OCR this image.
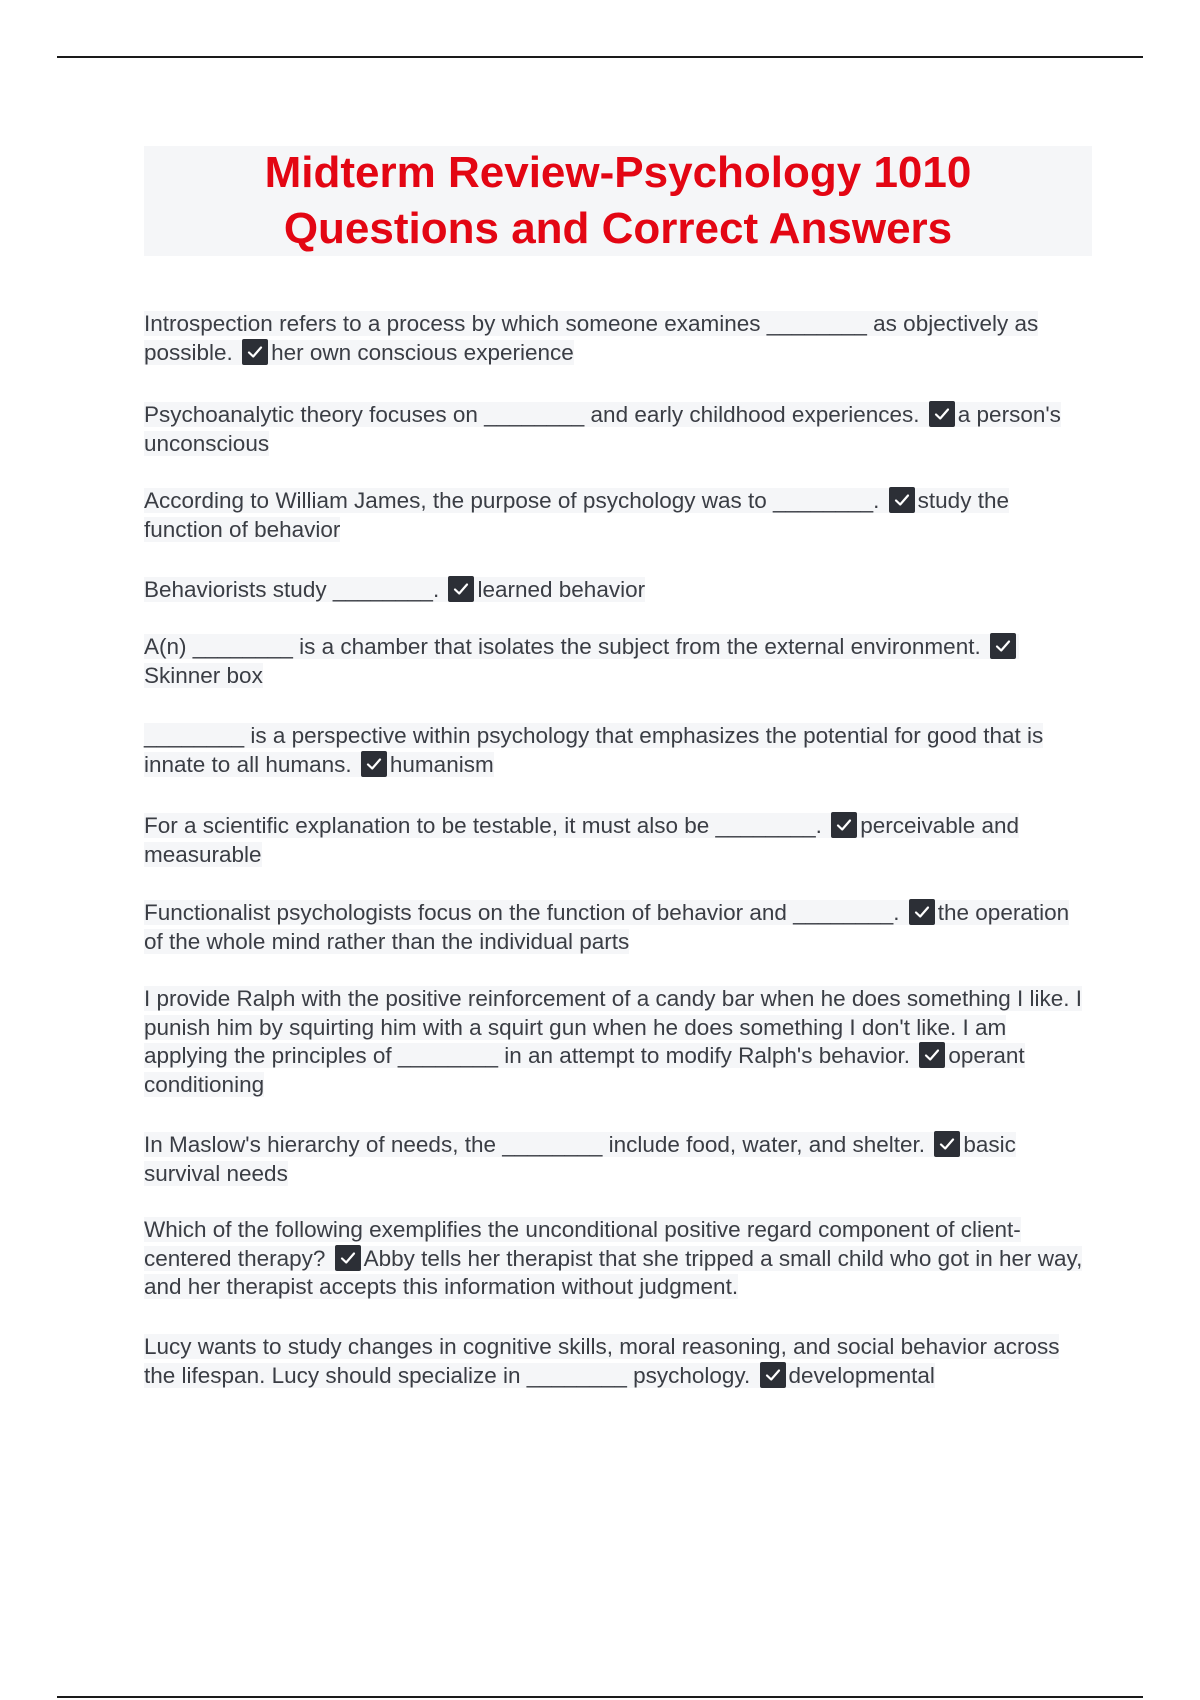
Midterm Review-Psychology 1010
Questions and Correct Answers

Introspection refers to a process by which someone examines ________ as objectively as possible. her own conscious experience

Psychoanalytic theory focuses on ________ and early childhood experiences. a person's unconscious

According to William James, the purpose of psychology was to ________. study the function of behavior

Behaviorists study ________. learned behavior

A(n) ________ is a chamber that isolates the subject from the external environment.
Skinner box

________ is a perspective within psychology that emphasizes the potential for good that is innate to all humans. humanism

For a scientific explanation to be testable, it must also be ________. perceivable and measurable

Functionalist psychologists focus on the function of behavior and ________. the operation of the whole mind rather than the individual parts

I provide Ralph with the positive reinforcement of a candy bar when he does something I like. I punish him by squirting him with a squirt gun when he does something I don't like. I am applying the principles of ________ in an attempt to modify Ralph's behavior. operant conditioning

In Maslow's hierarchy of needs, the ________ include food, water, and shelter. basic survival needs

Which of the following exemplifies the unconditional positive regard component of client-centered therapy? Abby tells her therapist that she tripped a small child who got in her way, and her therapist accepts this information without judgment.

Lucy wants to study changes in cognitive skills, moral reasoning, and social behavior across the lifespan. Lucy should specialize in ________ psychology. developmental
